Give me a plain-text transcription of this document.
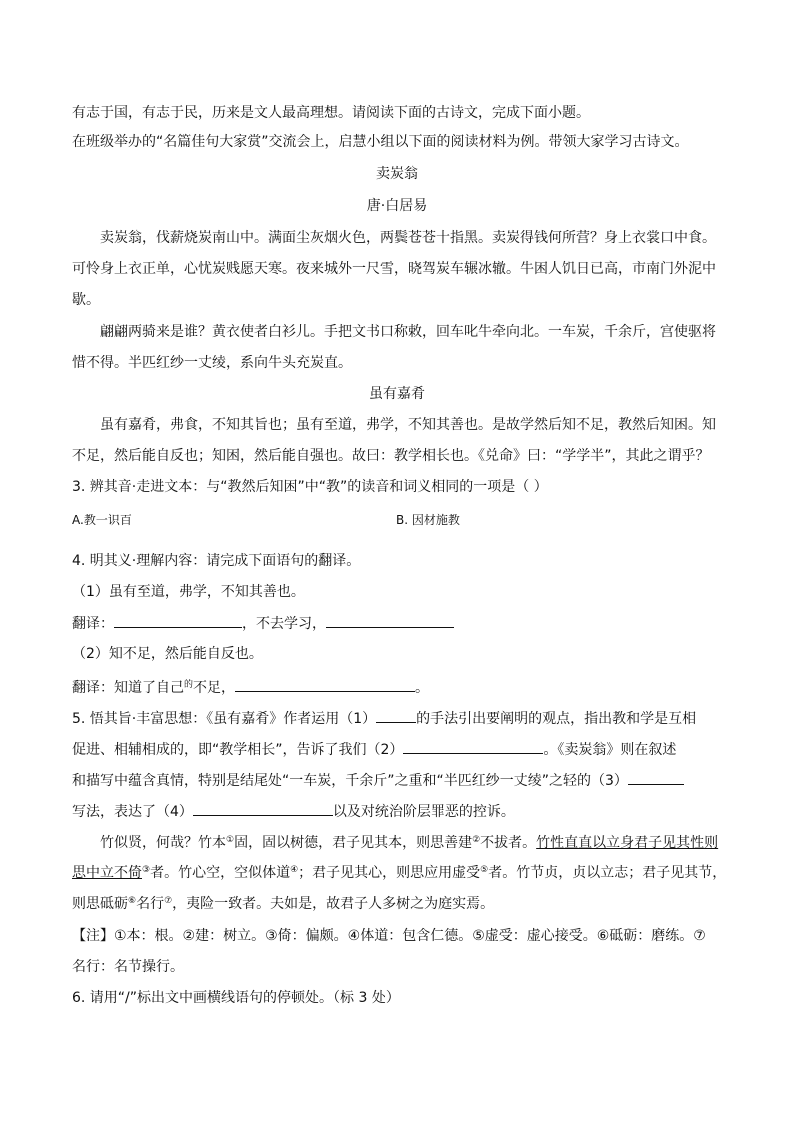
有志于国，有志于民，历来是文人最高理想。请阅读下面的古诗文，完成下面小题。
在班级举办的“名篇佳句大家赏”交流会上，启慧小组以下面的阅读材料为例。带领大家学习古诗文。
卖炭翁
唐·白居易
卖炭翁，伐薪烧炭南山中。满面尘灰烟火色，两鬓苍苍十指黑。卖炭得钱何所营？身上衣裳口中食。
可怜身上衣正单，心忧炭贱愿天寒。夜来城外一尺雪，晓驾炭车辗冰辙。牛困人饥日已高，市南门外泥中
歇。
翩翩两骑来是谁？黄衣使者白衫儿。手把文书口称敕，回车叱牛牵向北。一车炭，千余斤，宫使驱将
惜不得。半匹红纱一丈绫，系向牛头充炭直。
虽有嘉肴
虽有嘉肴，弗食，不知其旨也；虽有至道，弗学，不知其善也。是故学然后知不足，教然后知困。知
不足，然后能自反也；知困，然后能自强也。故曰：教学相长也。《兑命》曰：“学学半”，其此之谓乎？
3. 辨其音·走进文本：与“教然后知困”中“教”的读音和词义相同的一项是（ ）
A.教一识百	B. 因材施教
4. 明其义·理解内容：请完成下面语句的翻译。
（1）虽有至道，弗学，不知其善也。
翻译：	，不去学习，
（2）知不足，然后能自反也。
翻译：知道了自己$^的$不足，	。
5. 悟其旨·丰富思想：《虽有嘉肴》作者运用（1）	的手法引出要阐明的观点，指出教和学是互相
促进、相辅相成的，即“教学相长”，告诉了我们（2）	。《卖炭翁》则在叙述
和描写中蕴含真情，特别是结尾处“一车炭，千余斤”之重和“半匹红纱一丈绫”之轻的（3）
写法，表达了（4）	以及对统治阶层罪恶的控诉。
竹似贤，何哉？竹本①固，固以树德，君子见其本，则思善建②不拔者。竹性直直以立身君子见其性则
思中立不倚③者。竹心空，空似体道④；君子见其心，则思应用虚受⑤者。竹节贞，贞以立志；君子见其节，
则思砥砺⑥名行⑦，夷险一致者。夫如是，故君子人多树之为庭实焉。
【注】①本：根。②建：树立。③倚：偏颇。④体道：包含仁德。⑤虚受：虚心接受。⑥砥砺：磨练。⑦
名行：名节操行。
6. 请用“/”标出文中画横线语句的停顿处。（标 3 处）
